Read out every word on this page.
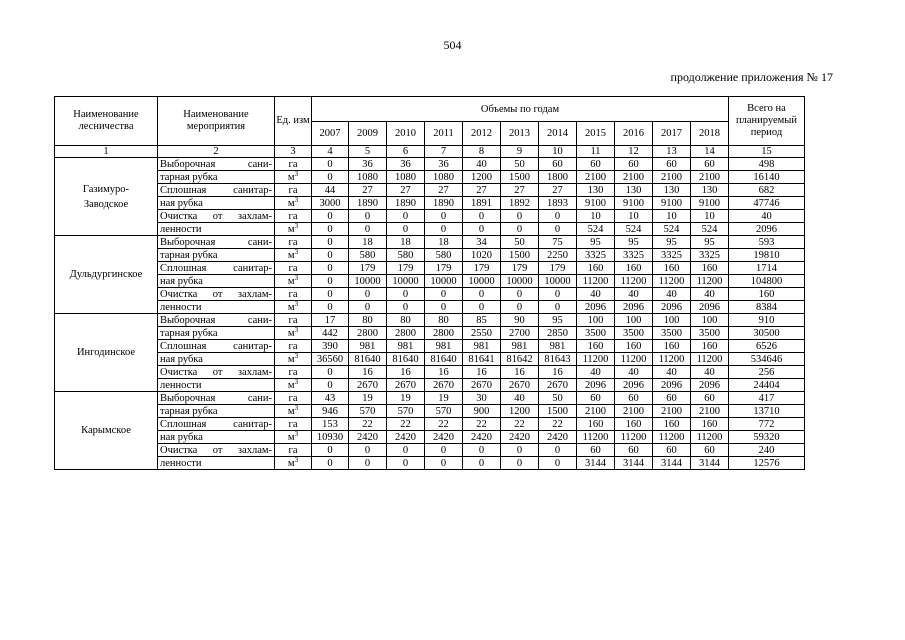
504
продолжение приложения № 17
Наименование лесничества	Наименование мероприятия	Ед. изм	Объемы по годам											Всего на планируемый период
			2007	2009	2010	2011	2012	2013	2014	2015	2016	2017	2018	
1	2	3	4	5	6	7	8	9	10	11	12	13	14	15
Газимуро-
Заводское	Выборочная сани-	га	0	36	36	36	40	50	60	60	60	60	60	498
	тарная рубка	$м^3$	0	1080	1080	1080	1200	1500	1800	2100	2100	2100	2100	16140
	Сплошная санитар-	га	44	27	27	27	27	27	27	130	130	130	130	682
	ная рубка	$м^3$	3000	1890	1890	1890	1891	1892	1893	9100	9100	9100	9100	47746
	Очистка от захлам-	га	0	0	0	0	0	0	0	10	10	10	10	40
	ленности	$м^3$	0	0	0	0	0	0	0	524	524	524	524	2096
Дульдургинское	Выборочная сани-	га	0	18	18	18	34	50	75	95	95	95	95	593
	тарная рубка	$м^3$	0	580	580	580	1020	1500	2250	3325	3325	3325	3325	19810
	Сплошная санитар-	га	0	179	179	179	179	179	179	160	160	160	160	1714
	ная рубка	$м^3$	0	10000	10000	10000	10000	10000	10000	11200	11200	11200	11200	104800
	Очистка от захлам-	га	0	0	0	0	0	0	0	40	40	40	40	160
	ленности	$м^3$	0	0	0	0	0	0	0	2096	2096	2096	2096	8384
Ингодинское	Выборочная сани-	га	17	80	80	80	85	90	95	100	100	100	100	910
	тарная рубка	$м^3$	442	2800	2800	2800	2550	2700	2850	3500	3500	3500	3500	30500
	Сплошная санитар-	га	390	981	981	981	981	981	981	160	160	160	160	6526
	ная рубка	$м^3$	36560	81640	81640	81640	81641	81642	81643	11200	11200	11200	11200	534646
	Очистка от захлам-	га	0	16	16	16	16	16	16	40	40	40	40	256
	ленности	$м^3$	0	2670	2670	2670	2670	2670	2670	2096	2096	2096	2096	24404
Карымское	Выборочная сани-	га	43	19	19	19	30	40	50	60	60	60	60	417
	тарная рубка	$м^3$	946	570	570	570	900	1200	1500	2100	2100	2100	2100	13710
	Сплошная санитар-	га	153	22	22	22	22	22	22	160	160	160	160	772
	ная рубка	$м^3$	10930	2420	2420	2420	2420	2420	2420	11200	11200	11200	11200	59320
	Очистка от захлам-	га	0	0	0	0	0	0	0	60	60	60	60	240
	ленности	$м^3$	0	0	0	0	0	0	0	3144	3144	3144	3144	12576
